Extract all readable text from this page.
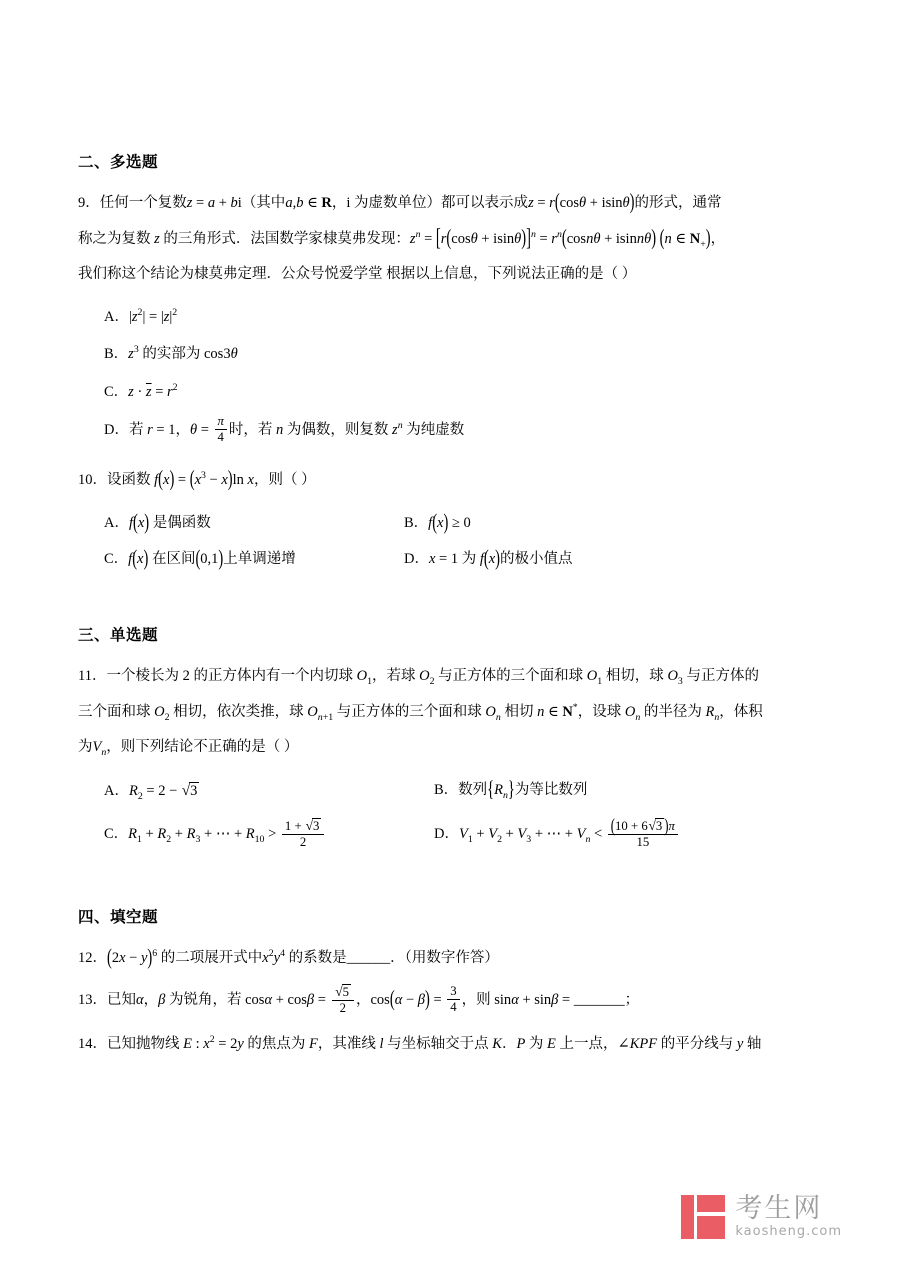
二、多选题
9．任何一个复数z = a + bi（其中a,b ∈ R，i 为虚数单位）都可以表示成z = r(cosθ + isinθ)的形式，通常
称之为复数 z 的三角形式．法国数学家棣莫弗发现：$z^n = [r(\cos\theta + isin\theta)]^n = r^n(\cos n\theta + isinn\theta)$ (n ∈ $N_+$)，
我们称这个结论为棣莫弗定理．公众号悦爱学堂 根据以上信息，下列说法正确的是（ ）
A．$|z^2| = |z|^2$
B．$z^3$ 的实部为 cos3θ
C．$z \cdot \overline{z} = r^2$
D．若 r = 1，$\theta = \frac{\pi}{4}$ 时，若 n 为偶数，则复数 $z^n$ 为纯虚数
10．设函数 $f(x) = (x^3 - x)\ln$ x，则（ ）
A．f(x) 是偶函数	B．f(x) ≥ 0
C．f(x) 在区间(0,1)上单调递增	D．x = 1 为 f(x)的极小值点
三、单选题
11．一个棱长为 2 的正方体内有一个内切球 $O_1$，若球 $O_2$ 与正方体的三个面和球 $O_1$ 相切，球 $O_3$ 与正方体的
三个面和球 $O_2$ 相切，依次类推，球 $O_{n+1}$ 与正方体的三个面和球 $O_n$ 相切 n ∈ N*，设球 $O_n$ 的半径为 $R_n$，体积
为$V_n$，则下列结论不正确的是（ ）
A．$R_2 = 2 - √3$	B．数列$\{R_n\}$为等比数列
C．$R_1 + R_2 + R_3$ + ⋯ + $R_{10} > \frac{1 + √3}{2}$	D．$V_1 + V_2 + V_3$ + ⋯ + $V_n < \frac{(10 + 6√3 )\pi}{15}$
四、填空题
12．$(2x - y)^6$ 的二项展开式中$x^2y^4$ 的系数是______．（用数字作答）
13．已知α，β 为锐角，若 $\cos\alpha + \cos\beta = \frac{√5}{2}$ ，$\cos(\alpha - \beta) = \frac{3}{4}$ ，则 sinα + sinβ = _______；
14．已知抛物线 E : $x^2 = 2y$ 的焦点为 F，其准线 l 与坐标轴交于点 K．P 为 E 上一点，∠KPF 的平分线与 y 轴
考生网
kaosheng.com
